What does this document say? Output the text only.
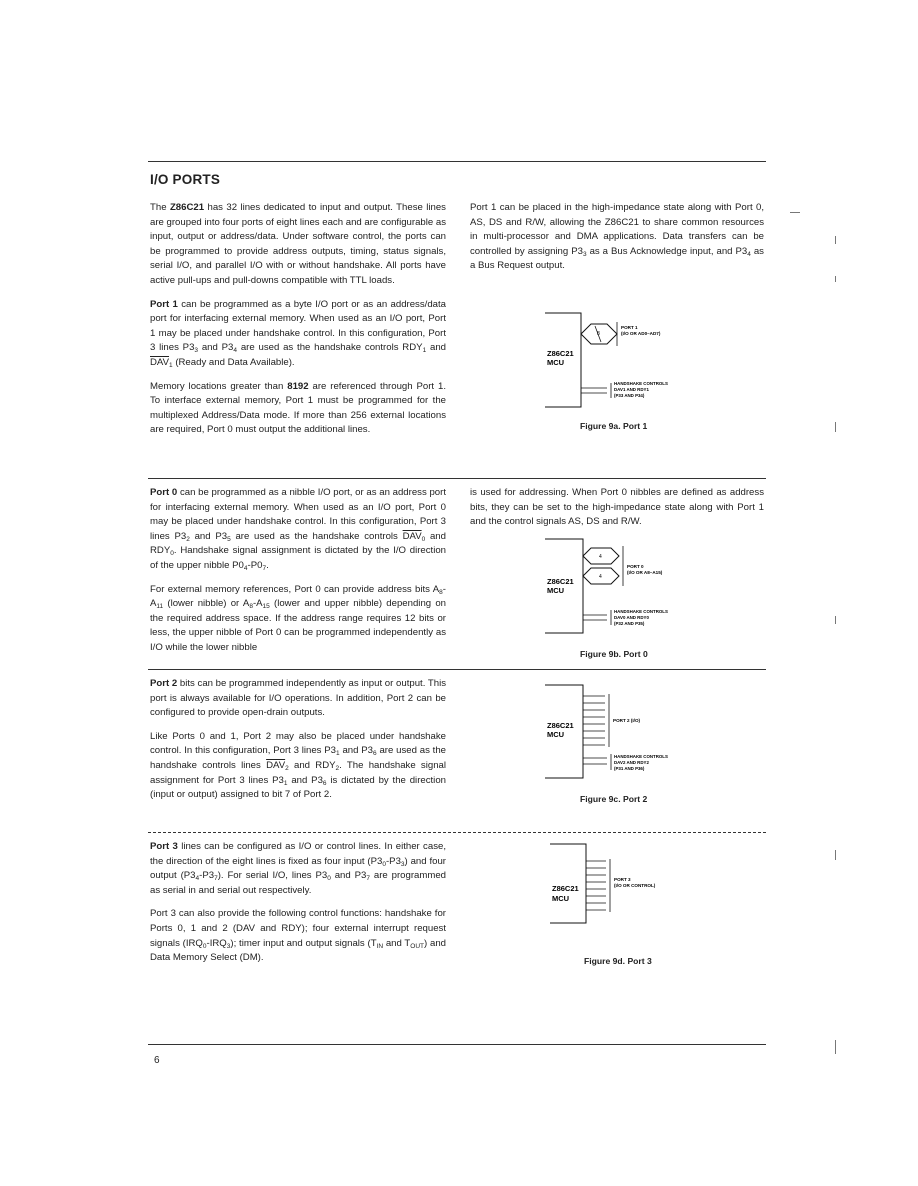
I/O PORTS

The Z86C21 has 32 lines dedicated to input and output. These lines are grouped into four ports of eight lines each and are configurable as input, output or address/data. Under software control, the ports can be programmed to provide address outputs, timing, status signals, serial I/O, and parallel I/O with or without handshake. All ports have active pull-ups and pull-downs compatible with TTL loads.

Port 1 can be programmed as a byte I/O port or as an address/data port for interfacing external memory. When used as an I/O port, Port 1 may be placed under handshake control. In this configuration, Port 3 lines $P3_3$ and $P3_4$ are used as the handshake controls $RDY_1$ and $\overline{DAV}_1$ (Ready and Data Available).

Memory locations greater than 8192 are referenced through Port 1. To interface external memory, Port 1 must be programmed for the multiplexed Address/Data mode. If more than 256 external locations are required, Port 0 must output the additional lines.

Port 1 can be placed in the high-impedance state along with Port 0, AS, DS and R/W, allowing the Z86C21 to share common resources in multi-processor and DMA applications. Data transfers can be controlled by assigning $P3_3$ as a Bus Acknowledge input, and $P3_4$ as a Bus Request output.

Z86C21
MCU
8
PORT 1
(I/O OR AD0–AD7)
HANDSHAKE CONTROLS
DAV1 AND RDY1
(P33 AND P34)
Figure 9a. Port 1

Port 0 can be programmed as a nibble I/O port, or as an address port for interfacing external memory. When used as an I/O port, Port 0 may be placed under handshake control. In this configuration, Port 3 lines $P3_2$ and $P3_5$ are used as the handshake controls $\overline{DAV}_0$ and $RDY_0$. Handshake signal assignment is dictated by the I/O direction of the upper nibble $P0_4-P0_7$.

For external memory references, Port 0 can provide address bits $A_8-A_{11}$ (lower nibble) or $A_8-A_{15}$ (lower and upper nibble) depending on the required address space. If the address range requires 12 bits or less, the upper nibble of Port 0 can be programmed independently as I/O while the lower nibble

is used for addressing. When Port 0 nibbles are defined as address bits, they can be set to the high-impedance state along with Port 1 and the control signals AS, DS and R/W.

Z86C21
MCU
4
4
PORT 0
(I/O OR A8–A15)
HANDSHAKE CONTROLS
DAV0 AND RDY0
(P32 AND P35)
Figure 9b. Port 0

Port 2 bits can be programmed independently as input or output. This port is always available for I/O operations. In addition, Port 2 can be configured to provide open-drain outputs.

Like Ports 0 and 1, Port 2 may also be placed under handshake control. In this configuration, Port 3 lines $P3_1$ and $P3_6$ are used as the handshake controls lines $\overline{DAV}_2$ and $RDY_2$. The handshake signal assignment for Port 3 lines $P3_1$ and $P3_6$ is dictated by the direction (input or output) assigned to bit 7 of Port 2.

Z86C21
MCU
PORT 2 (I/O)
HANDSHAKE CONTROLS
DAV2 AND RDY2
(P31 AND P36)
Figure 9c. Port 2

Port 3 lines can be configured as I/O or control lines. In either case, the direction of the eight lines is fixed as four input $(P3_0-P3_3)$ and four output $(P3_4-P3_7)$. For serial I/O, lines $P3_0$ and $P3_7$ are programmed as serial in and serial out respectively.

Port 3 can also provide the following control functions: handshake for Ports 0, 1 and 2 (DAV and RDY); four external interrupt request signals $(IRQ_0-IRQ_3)$; timer input and output signals ($T_{IN}$ and $T_{OUT}$) and Data Memory Select (DM).

Z86C21
MCU
PORT 3
(I/O OR CONTROL)
Figure 9d. Port 3
6
